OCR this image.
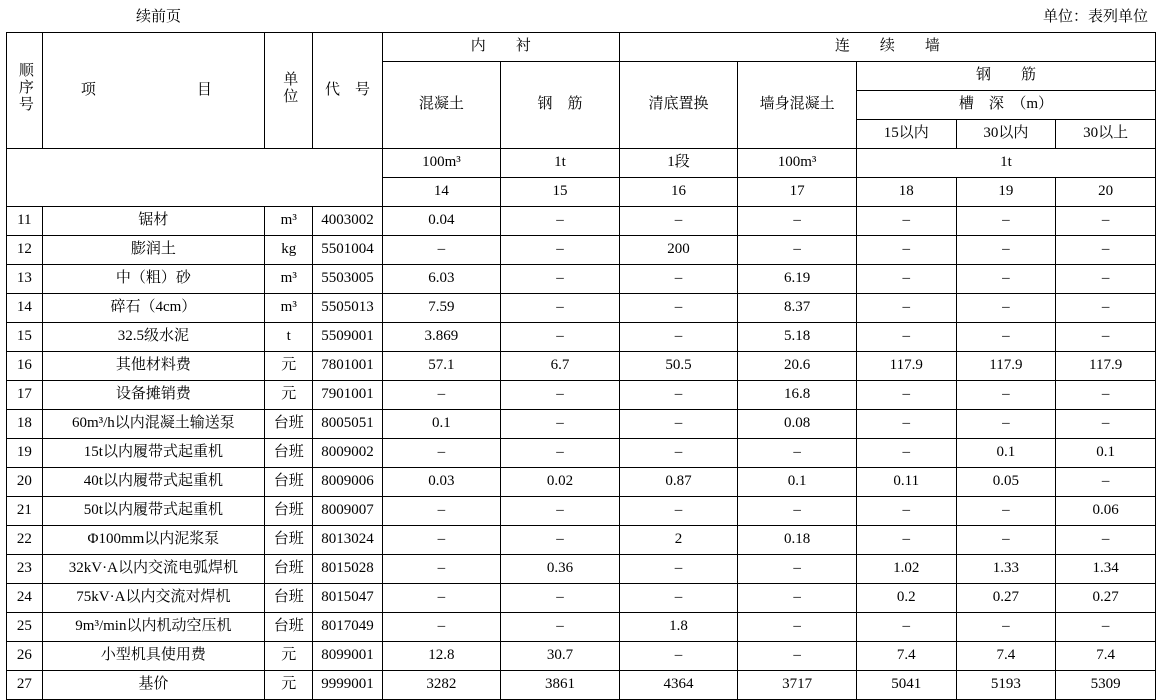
续前页	单位：表列单位
顺序号	项　　　目	单位	代　号	内　　衬		连　　续　　墙				
				混凝土	钢　筋	清底置换	墙身混凝土	钢　　筋		
								槽　深　（m）		
								15以内	30以内	30以上
				100m³	1t	1段	100m³	1t		
				14	15	16	17	18	19	20
11	锯材	m³	4003002	0.04	–	–	–	–	–	–
12	膨润土	kg	5501004	–	–	200	–	–	–	–
13	中（粗）砂	m³	5503005	6.03	–	–	6.19	–	–	–
14	碎石（4cm）	m³	5505013	7.59	–	–	8.37	–	–	–
15	32.5级水泥	t	5509001	3.869	–	–	5.18	–	–	–
16	其他材料费	元	7801001	57.1	6.7	50.5	20.6	117.9	117.9	117.9
17	设备摊销费	元	7901001	–	–	–	16.8	–	–	–
18	60m³/h以内混凝土输送泵	台班	8005051	0.1	–	–	0.08	–	–	–
19	15t以内履带式起重机	台班	8009002	–	–	–	–	–	0.1	0.1
20	40t以内履带式起重机	台班	8009006	0.03	0.02	0.87	0.1	0.11	0.05	–
21	50t以内履带式起重机	台班	8009007	–	–	–	–	–	–	0.06
22	Φ100mm以内泥浆泵	台班	8013024	–	–	2	0.18	–	–	–
23	32kV·A以内交流电弧焊机	台班	8015028	–	0.36	–	–	1.02	1.33	1.34
24	75kV·A以内交流对焊机	台班	8015047	–	–	–	–	0.2	0.27	0.27
25	9m³/min以内机动空压机	台班	8017049	–	–	1.8	–	–	–	–
26	小型机具使用费	元	8099001	12.8	30.7	–	–	7.4	7.4	7.4
27	基价	元	9999001	3282	3861	4364	3717	5041	5193	5309
